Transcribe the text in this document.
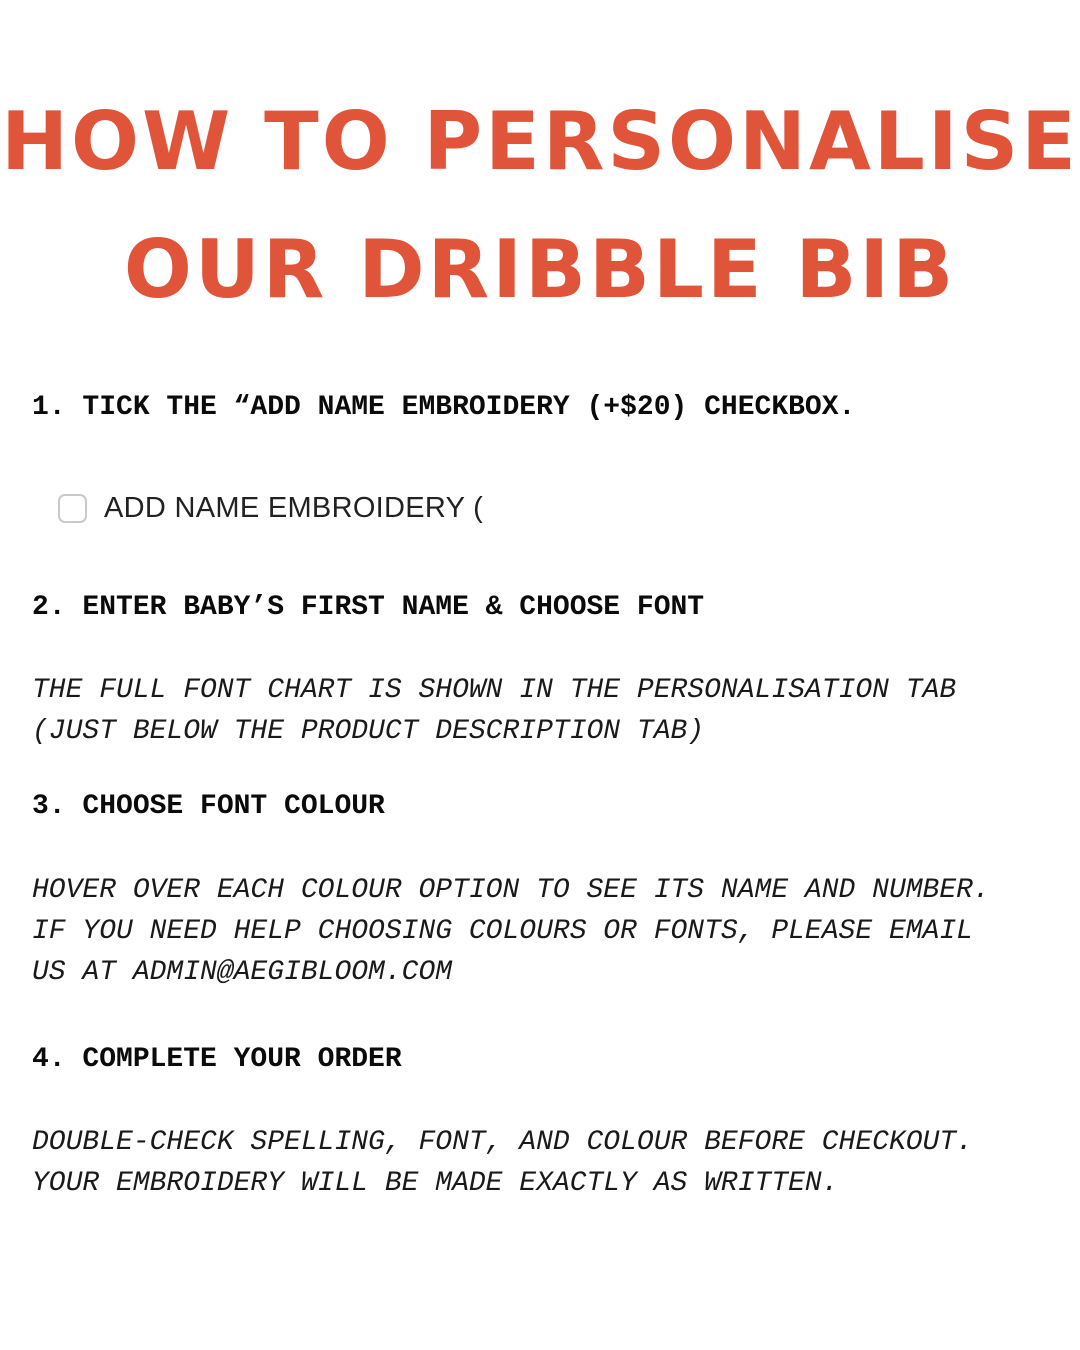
HOW TO PERSONALISE
OUR DRIBBLE BIB

1. TICK THE “ADD NAME EMBROIDERY (+$20) CHECKBOX.

ADD NAME EMBROIDERY (

2. ENTER BABY’S FIRST NAME & CHOOSE FONT

THE FULL FONT CHART IS SHOWN IN THE PERSONALISATION TAB
(JUST BELOW THE PRODUCT DESCRIPTION TAB)

3. CHOOSE FONT COLOUR

HOVER OVER EACH COLOUR OPTION TO SEE ITS NAME AND NUMBER.
IF YOU NEED HELP CHOOSING COLOURS OR FONTS, PLEASE EMAIL
US AT ADMIN@AEGIBLOOM.COM

4. COMPLETE YOUR ORDER

DOUBLE-CHECK SPELLING, FONT, AND COLOUR BEFORE CHECKOUT.
YOUR EMBROIDERY WILL BE MADE EXACTLY AS WRITTEN.
